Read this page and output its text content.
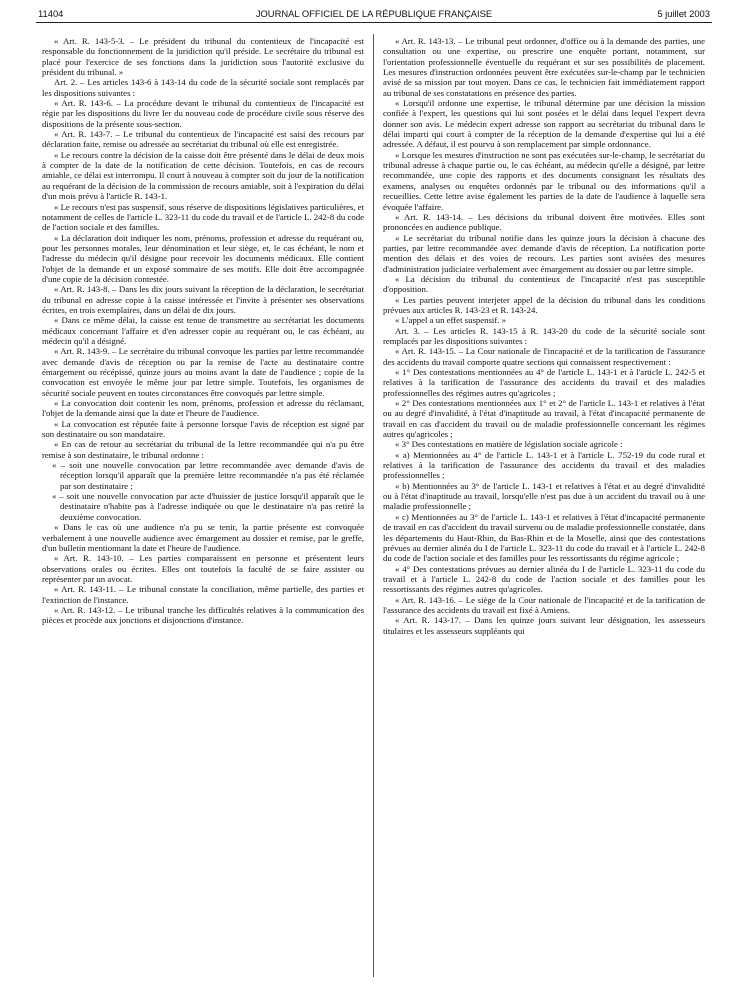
11404	JOURNAL OFFICIEL DE LA RÉPUBLIQUE FRANÇAISE	5 juillet 2003

« Art. R. 143-5-3. – Le président du tribunal du contentieux de l'incapacité est responsable du fonctionnement de la juridiction qu'il préside. Le secrétaire du tribunal est placé pour l'exercice de ses fonctions dans la juridiction sous l'autorité exclusive du président du tribunal. »

Art. 2. – Les articles 143-6 à 143-14 du code de la sécurité sociale sont remplacés par les dispositions suivantes :

« Art. R. 143-6. – La procédure devant le tribunal du contentieux de l'incapacité est régie par les dispositions du livre Ier du nouveau code de procédure civile sous réserve des dispositions de la présente sous-section.

« Art. R. 143-7. – Le tribunal du contentieux de l'incapacité est saisi des recours par déclaration faite, remise ou adressée au secrétariat du tribunal où elle est enregistrée.

« Le recours contre la décision de la caisse doit être présenté dans le délai de deux mois à compter de la date de la notification de cette décision. Toutefois, en cas de recours amiable, ce délai est interrompu. Il court à nouveau à compter soit du jour de la notification au requérant de la décision de la commission de recours amiable, soit à l'expiration du délai d'un mois prévu à l'article R. 143-1.

« Le recours n'est pas suspensif, sous réserve de dispositions législatives particulières, et notamment de celles de l'article L. 323-11 du code du travail et de l'article L. 242-8 du code de l'action sociale et des familles.

« La déclaration doit indiquer les nom, prénoms, profession et adresse du requérant ou, pour les personnes morales, leur dénomination et leur siège, et, le cas échéant, le nom et l'adresse du médecin qu'il désigne pour recevoir les documents médicaux. Elle contient l'objet de la demande et un exposé sommaire de ses motifs. Elle doit être accompagnée d'une copie de la décision contestée.

« Art. R. 143-8. – Dans les dix jours suivant la réception de la déclaration, le secrétariat du tribunal en adresse copie à la caisse intéressée et l'invite à présenter ses observations écrites, en trois exemplaires, dans un délai de dix jours.

« Dans ce même délai, la caisse est tenue de transmettre au secrétariat les documents médicaux concernant l'affaire et d'en adresser copie au requérant ou, le cas échéant, au médecin qu'il a désigné.

« Art. R. 143-9. – Le secrétaire du tribunal convoque les parties par lettre recommandée avec demande d'avis de réception ou par la remise de l'acte au destinataire contre émargement ou récépissé, quinze jours au moins avant la date de l'audience ; copie de la convocation est envoyée le même jour par lettre simple. Toutefois, les organismes de sécurité sociale peuvent en toutes circonstances être convoqués par lettre simple.

« La convocation doit contenir les nom, prénoms, profession et adresse du réclamant, l'objet de la demande ainsi que la date et l'heure de l'audience.

« La convocation est réputée faite à personne lorsque l'avis de réception est signé par son destinataire ou son mandataire.

« En cas de retour au secrétariat du tribunal de la lettre recommandée qui n'a pu être remise à son destinataire, le tribunal ordonne :

« – soit une nouvelle convocation par lettre recommandée avec demande d'avis de réception lorsqu'il apparaît que la première lettre recommandée n'a pas été réclamée par son destinataire ;

« – soit une nouvelle convocation par acte d'huissier de justice lorsqu'il apparaît que le destinataire n'habite pas à l'adresse indiquée ou que le destinataire n'a pas retiré la deuxième convocation.

« Dans le cas où une audience n'a pu se tenir, la partie présente est convoquée verbalement à une nouvelle audience avec émargement au dossier et remise, par le greffe, d'un bulletin mentionnant la date et l'heure de l'audience.

« Art. R. 143-10. – Les parties comparaissent en personne et présentent leurs observations orales ou écrites. Elles ont toutefois la faculté de se faire assister ou représenter par un avocat.

« Art. R. 143-11. – Le tribunal constate la conciliation, même partielle, des parties et l'extinction de l'instance.

« Art. R. 143-12. – Le tribunal tranche les difficultés relatives à la communication des pièces et procède aux jonctions et disjonctions d'instance.

« Art. R. 143-13. – Le tribunal peut ordonner, d'office ou à la demande des parties, une consultation ou une expertise, ou prescrire une enquête portant, notamment, sur l'orientation professionnelle éventuelle du requérant et sur ses possibilités de placement. Les mesures d'instruction ordonnées peuvent être exécutées sur-le-champ par le technicien avisé de sa mission par tout moyen. Dans ce cas, le technicien fait immédiatement rapport au tribunal de ses constatations en présence des parties.

« Lorsqu'il ordonne une expertise, le tribunal détermine par une décision la mission confiée à l'expert, les questions qui lui sont posées et le délai dans lequel l'expert devra donner son avis. Le médecin expert adresse son rapport au secrétariat du tribunal dans le délai imparti qui court à compter de la réception de la demande d'expertise qui lui a été adressée. A défaut, il est pourvu à son remplacement par simple ordonnance.

« Lorsque les mesures d'instruction ne sont pas exécutées sur-le-champ, le secrétariat du tribunal adresse à chaque partie ou, le cas échéant, au médecin qu'elle a désigné, par lettre recommandée, une copie des rapports et des documents consignant les résultats des examens, analyses ou enquêtes ordonnés par le tribunal ou des informations qu'il a recueillies. Cette lettre avise également les parties de la date de l'audience à laquelle sera évoquée l'affaire.

« Art. R. 143-14. – Les décisions du tribunal doivent être motivées. Elles sont prononcées en audience publique.

« Le secrétariat du tribunal notifie dans les quinze jours la décision à chacune des parties, par lettre recommandée avec demande d'avis de réception. La notification porte mention des délais et des voies de recours. Les parties sont avisées des mesures d'administration judiciaire verbalement avec émargement au dossier ou par lettre simple.

« La décision du tribunal du contentieux de l'incapacité n'est pas susceptible d'opposition.

« Les parties peuvent interjeter appel de la décision du tribunal dans les conditions prévues aux articles R. 143-23 et R. 143-24.

« L'appel a un effet suspensif. »

Art. 3. – Les articles R. 143-15 à R. 143-20 du code de la sécurité sociale sont remplacés par les dispositions suivantes :

« Art. R. 143-15. – La Cour nationale de l'incapacité et de la tarification de l'assurance des accidents du travail comporte quatre sections qui connaissent respectivement :

« 1° Des contestations mentionnées au 4° de l'article L. 143-1 et à l'article L. 242-5 et relatives à la tarification de l'assurance des accidents du travail et des maladies professionnelles des régimes autres qu'agricoles ;

« 2° Des contestations mentionnées aux 1° et 2° de l'article L. 143-1 et relatives à l'état ou au degré d'invalidité, à l'état d'inaptitude au travail, à l'état d'incapacité permanente de travail en cas d'accident du travail ou de maladie professionnelle concernant les régimes autres qu'agricoles ;

« 3° Des contestations en matière de législation sociale agricole :

« a) Mentionnées au 4° de l'article L. 143-1 et à l'article L. 752-19 du code rural et relatives à la tarification de l'assurance des accidents du travail et des maladies professionnelles ;

« b) Mentionnées au 3° de l'article L. 143-1 et relatives à l'état et au degré d'invalidité ou à l'état d'inaptitude au travail, lorsqu'elle n'est pas due à un accident du travail ou à une maladie professionnelle ;

« c) Mentionnées au 3° de l'article L. 143-1 et relatives à l'état d'incapacité permanente de travail en cas d'accident du travail survenu ou de maladie professionnelle constatée, dans les départements du Haut-Rhin, du Bas-Rhin et de la Moselle, ainsi que des contestations prévues au dernier alinéa du I de l'article L. 323-11 du code du travail et à l'article L. 242-8 du code de l'action sociale et des familles pour les ressortissants du régime agricole ;

« 4° Des contestations prévues au dernier alinéa du I de l'article L. 323-11 du code du travail et à l'article L. 242-8 du code de l'action sociale et des familles pour les ressortissants des régimes autres qu'agricoles.

« Art. R. 143-16. – Le siège de la Cour nationale de l'incapacité et de la tarification de l'assurance des accidents du travail est fixé à Amiens.

« Art. R. 143-17. – Dans les quinze jours suivant leur désignation, les assesseurs titulaires et les assesseurs suppléants qui
